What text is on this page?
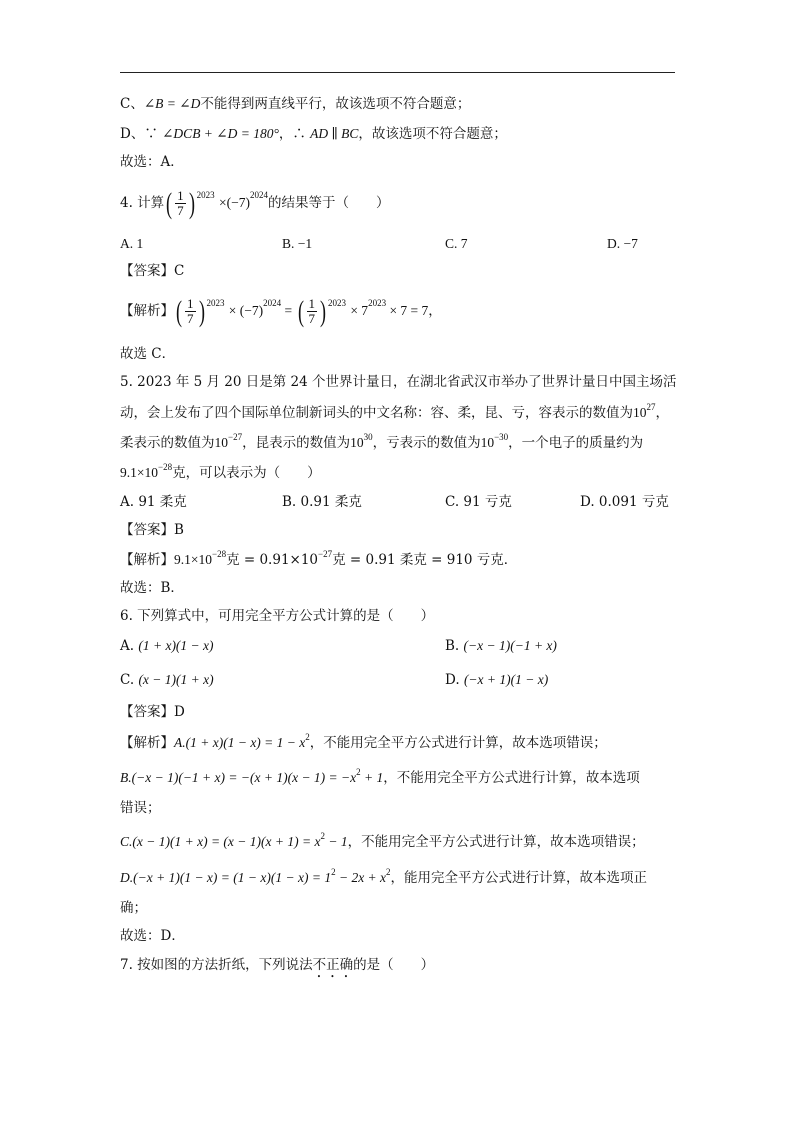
C、∠B = ∠D不能得到两直线平行，故该选项不符合题意；
D、∵ ∠DCB + ∠D = 180°，∴ AD ∥ BC，故该选项不符合题意；
故选：A．
4. 计算( $\frac{1}{7}$ ) $^{2023} \times(-7)^{2024}$的结果等于（　　）
A. 1	B. −1	C. 7	D. −7
【答案】C
【解析】( $\frac{1}{7}$ ) $^{2023} \times (-7)^{2024}$ = ( $\frac{1}{7}$ ) $^{2023} \times 7^{2023} \times 7 = 7$，
故选 C．
5. 2023 年 5 月 20 日是第 24 个世界计量日，在湖北省武汉市举办了世界计量日中国主场活
动，会上发布了四个国际单位制新词头的中文名称：容、柔，昆、亏，容表示的数值为$10^{27}$，
柔表示的数值为$10^{-27}$，昆表示的数值为$10^{30}$，亏表示的数值为$10^{-30}$，一个电子的质量约为
$9.1\times 10^{-28}$克，可以表示为（　　）
A. 91 柔克	B. 0.91 柔克	C. 91 亏克	D. 0.091 亏克
【答案】B
【解析】$9.1\times 10^{-28}$克 = $0.91\times 10^{-27}$克 = 0.91 柔克 = 910 亏克．
故选：B．
6. 下列算式中，可用完全平方公式计算的是（　　）
A. (1 + x)(1 − x)	B. (−x − 1)(−1 + x)
C. (x − 1)(1 + x)	D. (−x + 1)(1 − x)
【答案】D
【解析】$A.(1 + x)(1 - x) = 1 - x^2$，不能用完全平方公式进行计算，故本选项错误；
$B.(-x - 1)(-1 + x) = -(x + 1)(x - 1) = -x^2 + 1$，不能用完全平方公式进行计算，故本选项
错误；
$C.(x - 1)(1 + x) = (x - 1)(x + 1) = x^2 - 1$，不能用完全平方公式进行计算，故本选项错误；
$D.(-x + 1)(1 - x) = (1 - x)(1 - x) = 1^2 - 2x + x^2$，能用完全平方公式进行计算，故本选项正
确；
故选：D．
7. 按如图的方法折纸，下列说法不正确的是（　　）
